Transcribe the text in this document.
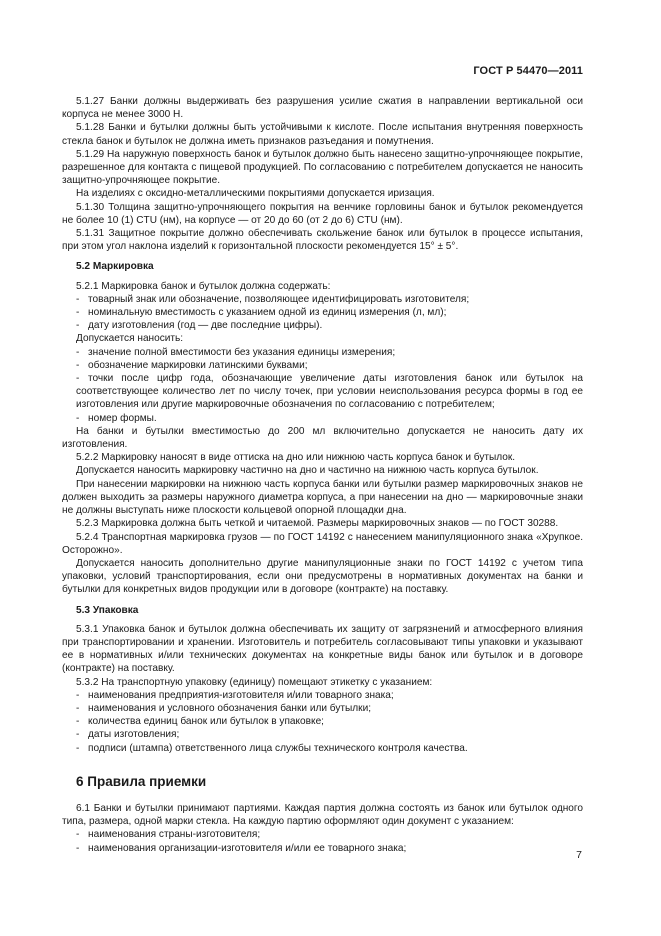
ГОСТ Р 54470—2011

5.1.27 Банки должны выдерживать без разрушения усилие сжатия в направлении вертикальной оси корпуса не менее 3000 Н.

5.1.28 Банки и бутылки должны быть устойчивыми к кислоте. После испытания внутренняя поверхность стекла банок и бутылок не должна иметь признаков разъедания и помутнения.

5.1.29 На наружную поверхность банок и бутылок должно быть нанесено защитно-упрочняющее покрытие, разрешенное для контакта с пищевой продукцией. По согласованию с потребителем допускается не наносить защитно-упрочняющее покрытие.

На изделиях с оксидно-металлическими покрытиями допускается иризация.

5.1.30 Толщина защитно-упрочняющего покрытия на венчике горловины банок и бутылок рекомендуется не более 10 (1) CTU (нм), на корпусе — от 20 до 60 (от 2 до 6) CTU (нм).

5.1.31 Защитное покрытие должно обеспечивать скольжение банок или бутылок в процессе испытания, при этом угол наклона изделий к горизонтальной плоскости рекомендуется 15° ± 5°.

5.2 Маркировка

5.2.1 Маркировка банок и бутылок должна содержать:

- товарный знак или обозначение, позволяющее идентифицировать изготовителя;
- номинальную вместимость с указанием одной из единиц измерения (л, мл);
- дату изготовления (год — две последние цифры).

Допускается наносить:

- значение полной вместимости без указания единицы измерения;
- обозначение маркировки латинскими буквами;
- точки после цифр года, обозначающие увеличение даты изготовления банок или бутылок на соответствующее количество лет по числу точек, при условии неиспользования ресурса формы в год ее изготовления или другие маркировочные обозначения по согласованию с потребителем;
- номер формы.

На банки и бутылки вместимостью до 200 мл включительно допускается не наносить дату их изготовления.

5.2.2 Маркировку наносят в виде оттиска на дно или нижнюю часть корпуса банок и бутылок.

Допускается наносить маркировку частично на дно и частично на нижнюю часть корпуса бутылок.

При нанесении маркировки на нижнюю часть корпуса банки или бутылки размер маркировочных знаков не должен выходить за размеры наружного диаметра корпуса, а при нанесении на дно — маркировочные знаки не должны выступать ниже плоскости кольцевой опорной площадки дна.

5.2.3 Маркировка должна быть четкой и читаемой. Размеры маркировочных знаков — по ГОСТ 30288.

5.2.4 Транспортная маркировка грузов — по ГОСТ 14192 с нанесением манипуляционного знака «Хрупкое. Осторожно».

Допускается наносить дополнительно другие манипуляционные знаки по ГОСТ 14192 с учетом типа упаковки, условий транспортирования, если они предусмотрены в нормативных документах на банки и бутылки для конкретных видов продукции или в договоре (контракте) на поставку.

5.3 Упаковка

5.3.1 Упаковка банок и бутылок должна обеспечивать их защиту от загрязнений и атмосферного влияния при транспортировании и хранении. Изготовитель и потребитель согласовывают типы упаковки и указывают ее в нормативных и/или технических документах на конкретные виды банок или бутылок и в договоре (контракте) на поставку.

5.3.2 На транспортную упаковку (единицу) помещают этикетку с указанием:

- наименования предприятия-изготовителя и/или товарного знака;
- наименования и условного обозначения банки или бутылки;
- количества единиц банок или бутылок в упаковке;
- даты изготовления;
- подписи (штампа) ответственного лица службы технического контроля качества.
6 Правила приемки

6.1 Банки и бутылки принимают партиями. Каждая партия должна состоять из банок или бутылок одного типа, размера, одной марки стекла. На каждую партию оформляют один документ с указанием:

- наименования страны-изготовителя;
- наименования организации-изготовителя и/или ее товарного знака;
7
